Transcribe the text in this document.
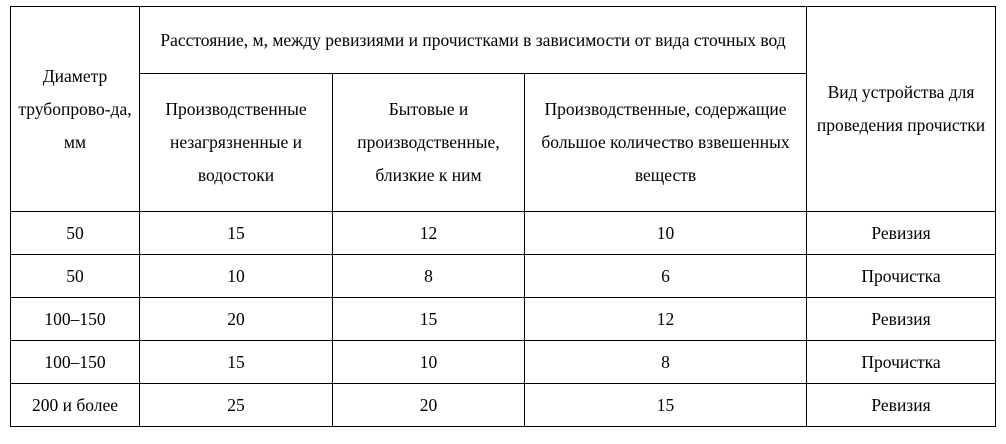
Диаметр трубопрово-да, мм	Расстояние, м, между ревизиями и прочистками в зависимости от вида сточных вод			Вид устройства для проведения прочистки
	Производственные незагрязненные и водостоки	Бытовые и производственные, близкие к ним	Производственные, содержащие большое количество взвешенных веществ	
50	15	12	10	Ревизия
50	10	8	6	Прочистка
100–150	20	15	12	Ревизия
100–150	15	10	8	Прочистка
200 и более	25	20	15	Ревизия
